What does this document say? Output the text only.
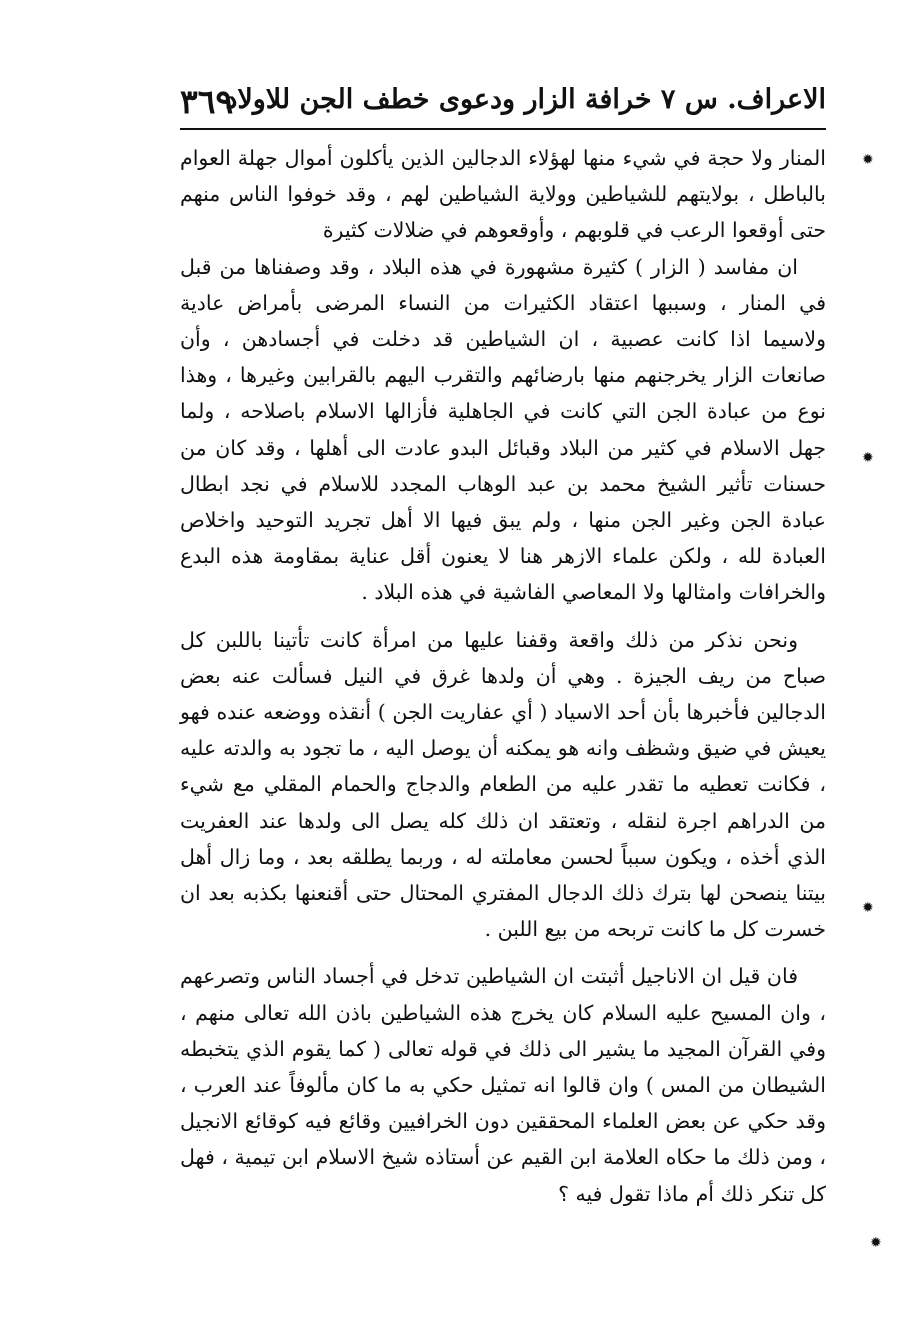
الاعراف. س ٧ خرافة الزار ودعوى خطف الجن للاولاد
٣٦٩

المنار ولا حجة في شيء منها لهؤلاء الدجالين الذين يأكلون أموال جهلة العوام بالباطل ، بولايتهم للشياطين وولاية الشياطين لهم ، وقد خوفوا الناس منهم حتى أوقعوا الرعب في قلوبهم ، وأوقعوهم في ضلالات كثيرة

ان مفاسد ( الزار ) كثيرة مشهورة في هذه البلاد ، وقد وصفناها من قبل في المنار ، وسببها اعتقاد الكثيرات من النساء المرضى بأمراض عادية ولاسيما اذا كانت عصبية ، ان الشياطين قد دخلت في أجسادهن ، وأن صانعات الزار يخرجنهم منها بارضائهم والتقرب اليهم بالقرابين وغيرها ، وهذا نوع من عبادة الجن التي كانت في الجاهلية فأزالها الاسلام باصلاحه ، ولما جهل الاسلام في كثير من البلاد وقبائل البدو عادت الى أهلها ، وقد كان من حسنات تأثير الشيخ محمد بن عبد الوهاب المجدد للاسلام في نجد ابطال عبادة الجن وغير الجن منها ، ولم يبق فيها الا أهل تجريد التوحيد واخلاص العبادة لله ، ولكن علماء الازهر هنا لا يعنون أقل عناية بمقاومة هذه البدع والخرافات وامثالها ولا المعاصي الفاشية في هذه البلاد .

ونحن نذكر من ذلك واقعة وقفنا عليها من امرأة كانت تأتينا باللبن كل صباح من ريف الجيزة . وهي أن ولدها غرق في النيل فسألت عنه بعض الدجالين فأخبرها بأن أحد الاسياد ( أي عفاريت الجن ) أنقذه ووضعه عنده فهو يعيش في ضيق وشظف وانه هو يمكنه أن يوصل اليه ، ما تجود به والدته عليه ، فكانت تعطيه ما تقدر عليه من الطعام والدجاج والحمام المقلي مع شيء من الدراهم اجرة لنقله ، وتعتقد ان ذلك كله يصل الى ولدها عند العفريت الذي أخذه ، ويكون سبباً لحسن معاملته له ، وربما يطلقه بعد ، وما زال أهل بيتنا ينصحن لها بترك ذلك الدجال المفتري المحتال حتى أقنعنها بكذبه بعد ان خسرت كل ما كانت تربحه من بيع اللبن .

فان قيل ان الاناجيل أثبتت ان الشياطين تدخل في أجساد الناس وتصرعهم ، وان المسيح عليه السلام كان يخرج هذه الشياطين باذن الله تعالى منهم ، وفي القرآن المجيد ما يشير الى ذلك في قوله تعالى ( كما يقوم الذي يتخبطه الشيطان من المس ) وان قالوا انه تمثيل حكي به ما كان مألوفاً عند العرب ، وقد حكي عن بعض العلماء المحققين دون الخرافيين وقائع فيه كوقائع الانجيل ، ومن ذلك ما حكاه العلامة ابن القيم عن أستاذه شيخ الاسلام ابن تيمية ، فهل كل تنكر ذلك أم ماذا تقول فيه ؟

✹
✹
✹
✹
